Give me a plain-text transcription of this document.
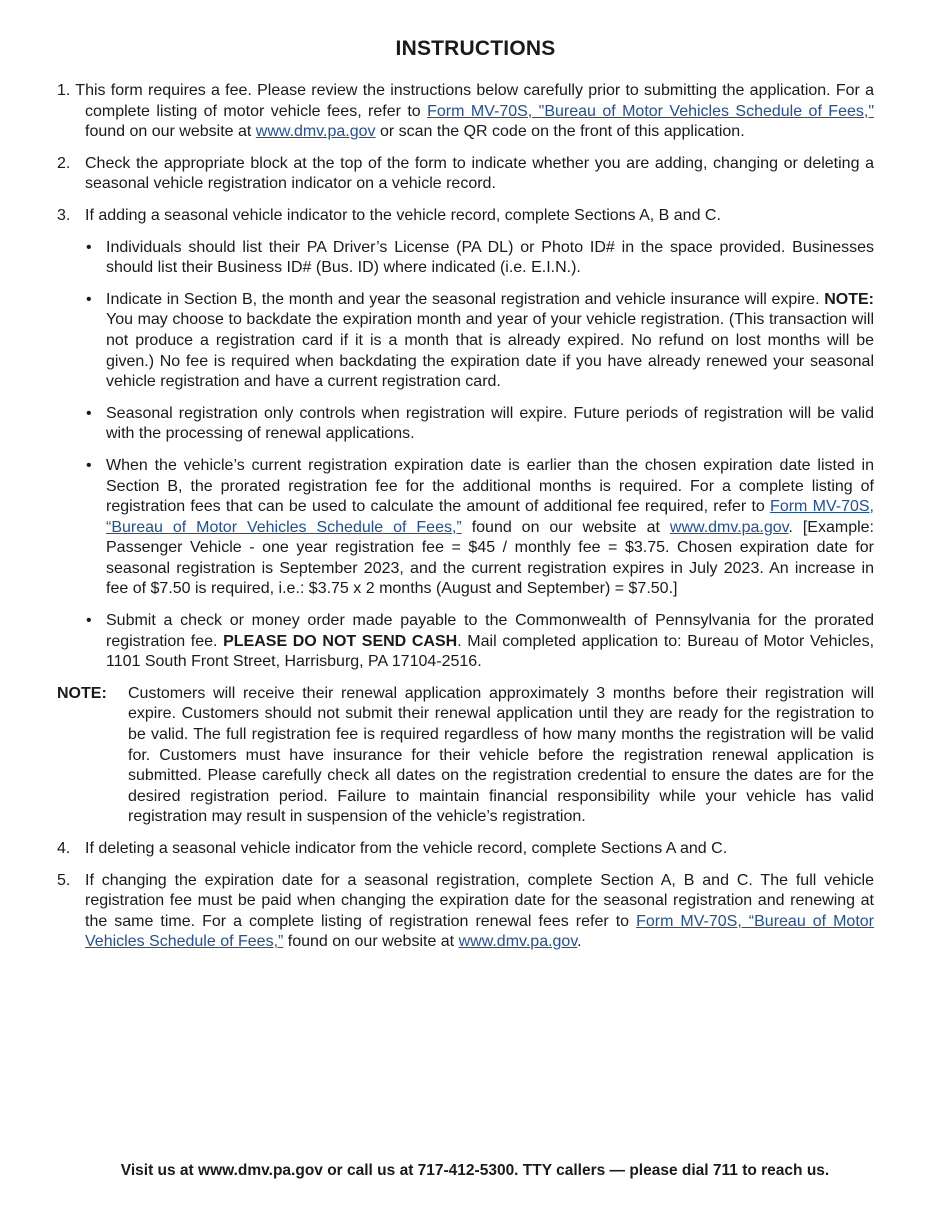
INSTRUCTIONS

1. This form requires a fee. Please review the instructions below carefully prior to submitting the application. For a complete listing of motor vehicle fees, refer to Form MV-70S, "Bureau of Motor Vehicles Schedule of Fees," found on our website at www.dmv.pa.gov or scan the QR code on the front of this application.

2. Check the appropriate block at the top of the form to indicate whether you are adding, changing or deleting a seasonal vehicle registration indicator on a vehicle record.

3. If adding a seasonal vehicle indicator to the vehicle record, complete Sections A, B and C.

• Individuals should list their PA Driver’s License (PA DL) or Photo ID# in the space provided. Businesses should list their Business ID# (Bus. ID) where indicated (i.e. E.I.N.).
• Indicate in Section B, the month and year the seasonal registration and vehicle insurance will expire. NOTE: You may choose to backdate the expiration month and year of your vehicle registration. (This transaction will not produce a registration card if it is a month that is already expired. No refund on lost months will be given.) No fee is required when backdating the expiration date if you have already renewed your seasonal vehicle registration and have a current registration card.
• Seasonal registration only controls when registration will expire. Future periods of registration will be valid with the processing of renewal applications.
• When the vehicle’s current registration expiration date is earlier than the chosen expiration date listed in Section B, the prorated registration fee for the additional months is required. For a complete listing of registration fees that can be used to calculate the amount of additional fee required, refer to Form MV-70S, “Bureau of Motor Vehicles Schedule of Fees,” found on our website at www.dmv.pa.gov. [Example: Passenger Vehicle - one year registration fee = $45 / monthly fee = $3.75. Chosen expiration date for seasonal registration is September 2023, and the current registration expires in July 2023. An increase in fee of $7.50 is required, i.e.: $3.75 x 2 months (August and September) = $7.50.]
• Submit a check or money order made payable to the Commonwealth of Pennsylvania for the prorated registration fee. PLEASE DO NOT SEND CASH. Mail completed application to: Bureau of Motor Vehicles, 1101 South Front Street, Harrisburg, PA 17104-2516.
NOTE:	Customers will receive their renewal application approximately 3 months before their registration will expire. Customers should not submit their renewal application until they are ready for the registration to be valid. The full registration fee is required regardless of how many months the registration will be valid for. Customers must have insurance for their vehicle before the registration renewal application is submitted. Please carefully check all dates on the registration credential to ensure the dates are for the desired registration period. Failure to maintain financial responsibility while your vehicle has valid registration may result in suspension of the vehicle’s registration.

4. If deleting a seasonal vehicle indicator from the vehicle record, complete Sections A and C.

5. If changing the expiration date for a seasonal registration, complete Section A, B and C. The full vehicle registration fee must be paid when changing the expiration date for the seasonal registration and renewing at the same time. For a complete listing of registration renewal fees refer to Form MV-70S, “Bureau of Motor Vehicles Schedule of Fees,” found on our website at www.dmv.pa.gov.

Visit us at www.dmv.pa.gov or call us at 717-412-5300. TTY callers — please dial 711 to reach us.
